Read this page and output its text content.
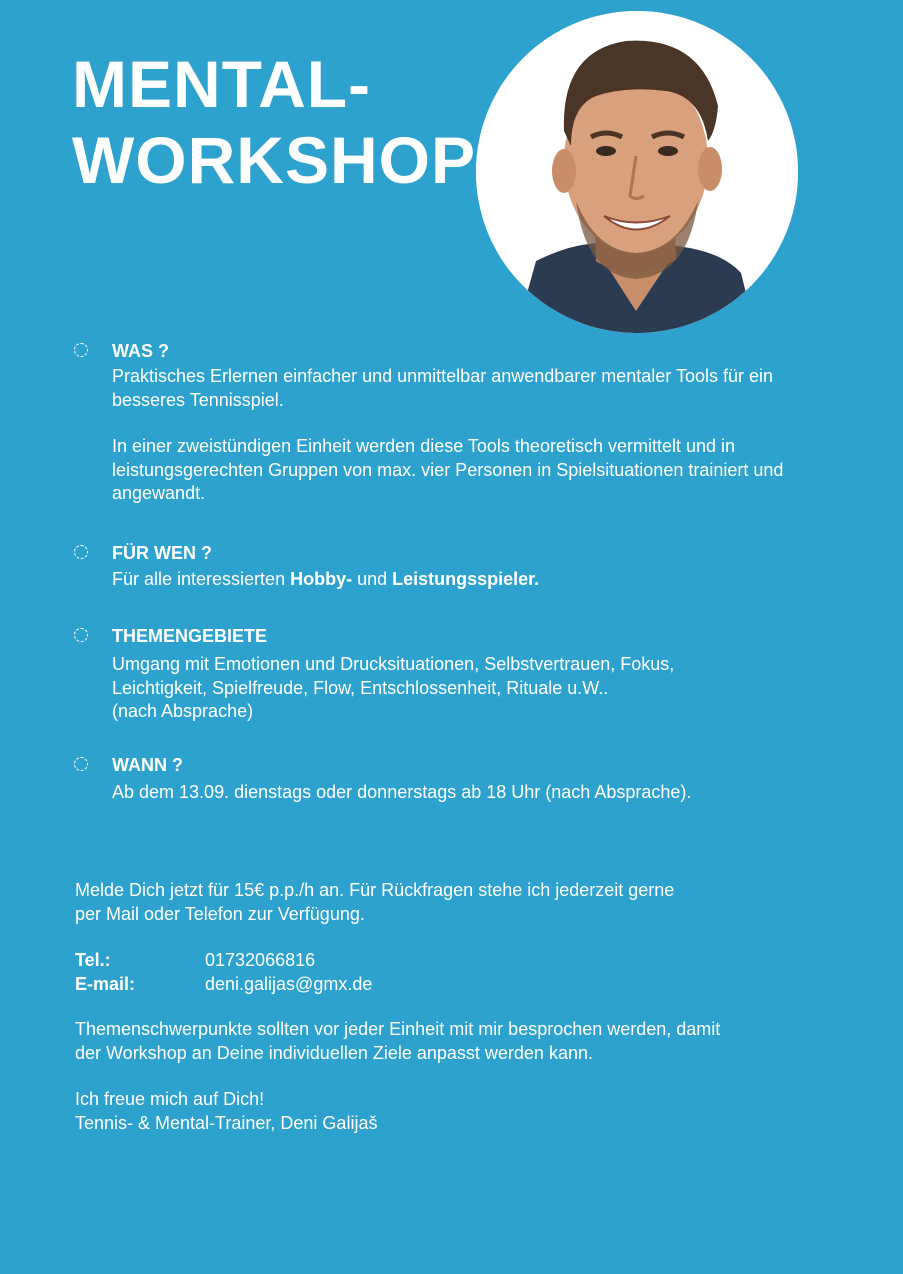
MENTAL-
WORKSHOP
WAS ?

Praktisches Erlernen einfacher und unmittelbar anwendbarer mentaler Tools für ein besseres Tennisspiel.

In einer zweistündigen Einheit werden diese Tools theoretisch vermittelt und in leistungsgerechten Gruppen von max. vier Personen in Spielsituationen trainiert und angewandt.

FÜR WEN ?

Für alle interessierten Hobby- und Leistungsspieler.

THEMENGEBIETE

Umgang mit Emotionen und Drucksituationen, Selbstvertrauen, Fokus,

Leichtigkeit, Spielfreude, Flow, Entschlossenheit, Rituale u.W..

(nach Absprache)

WANN ?

Ab dem 13.09. dienstags oder donnerstags ab 18 Uhr (nach Absprache).

Melde Dich jetzt für 15€ p.p./h an. Für Rückfragen stehe ich jederzeit gerne

per Mail oder Telefon zur Verfügung.

Tel.:	01732066816
E-mail:	deni.galijas@gmx.de

Themenschwerpunkte sollten vor jeder Einheit mit mir besprochen werden, damit

der Workshop an Deine individuellen Ziele anpasst werden kann.

Ich freue mich auf Dich!

Tennis- & Mental-Trainer, Deni Galijaš
